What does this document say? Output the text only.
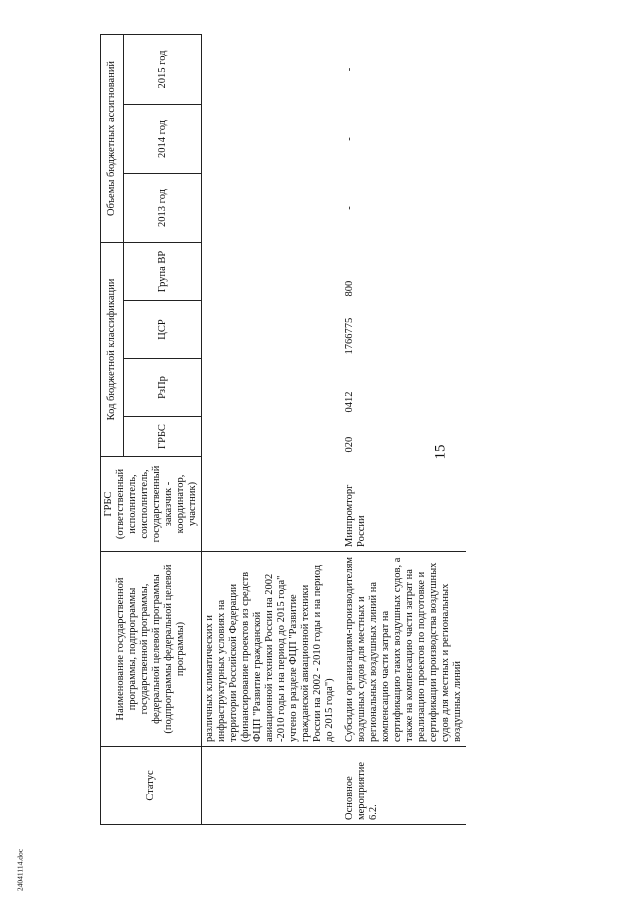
15
24041114.doc
Статус	Наименование государственной программы, подпрограммы государственной программы, федеральной целевой программы (подпрограммы федеральной целевой программы)	ГРБС (ответственный исполнитель, соисполнитель, государственный заказчик - координатор, участник)	Код бюджетной классификации				Объемы бюджетных ассигнований		
			ГРБС	РзПр	ЦСР	Група ВР	2013 год	2014 год	2015 год
	различных климатических и инфраструктурных условиях на территории Российской Федерации (финансирование проектов из средств ФЦП "Развитие гражданской авиационной техники России на 2002 -2010 годы и на период до 2015 года" учтено в разделе ФЦП "Развитие гражданской авиационной техники России на 2002 - 2010 годы и на период до 2015 года")								
Основное мероприятие 6.2.	Субсидии организациям-производителям воздушных судов для местных и региональных воздушных линий на компенсацию части затрат на сертификацию таких воздушных судов, а также на компенсацию части затрат на реализацию проектов по подготовке и сертификации производства воздушных судов для местных и региональных воздушных линий	Минпромторг России	020	0412	1766775	800	-	-	-
